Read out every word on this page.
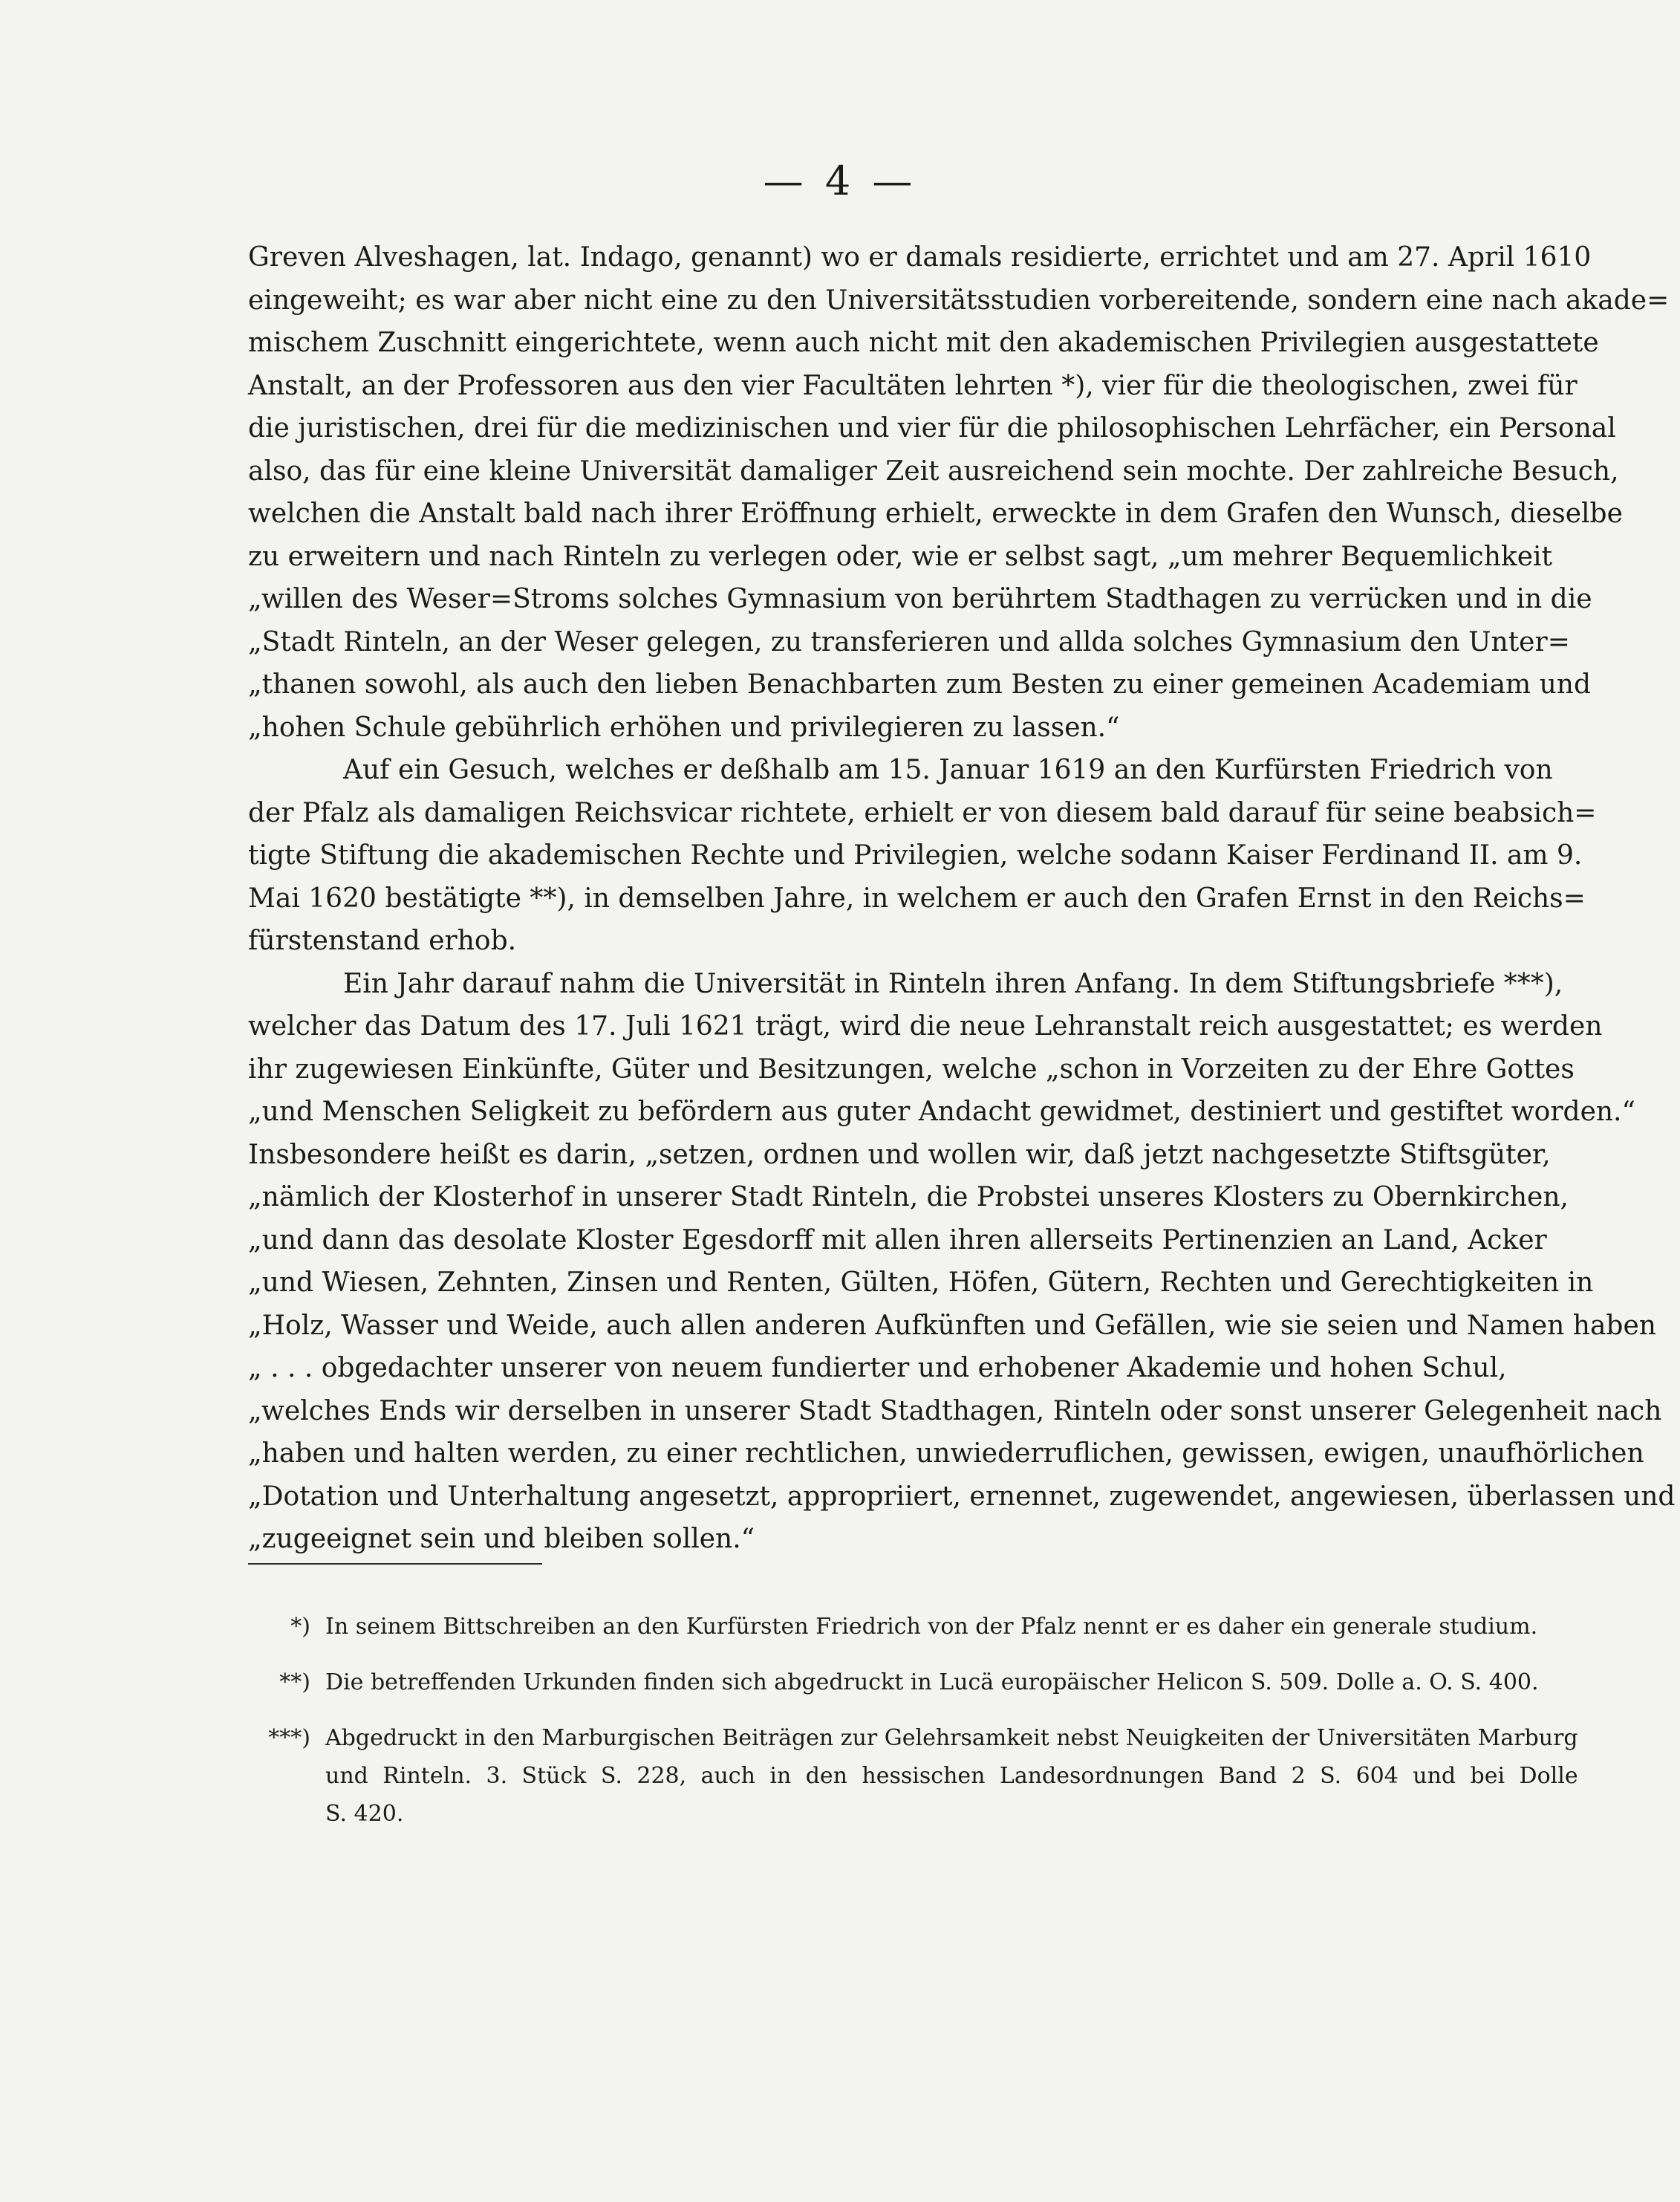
— 4 —
Greven Alveshagen, lat. Indago, genannt) wo er damals residierte, errichtet und am 27. April 1610
eingeweiht; es war aber nicht eine zu den Universitätsstudien vorbereitende, sondern eine nach akade=
mischem Zuschnitt eingerichtete, wenn auch nicht mit den akademischen Privilegien ausgestattete
Anstalt, an der Professoren aus den vier Facultäten lehrten *), vier für die theologischen, zwei für
die juristischen, drei für die medizinischen und vier für die philosophischen Lehrfächer, ein Personal
also, das für eine kleine Universität damaliger Zeit ausreichend sein mochte. Der zahlreiche Besuch,
welchen die Anstalt bald nach ihrer Eröffnung erhielt, erweckte in dem Grafen den Wunsch, dieselbe
zu erweitern und nach Rinteln zu verlegen oder, wie er selbst sagt, „um mehrer Bequemlichkeit
„willen des Weser=Stroms solches Gymnasium von berührtem Stadthagen zu verrücken und in die
„Stadt Rinteln, an der Weser gelegen, zu transferieren und allda solches Gymnasium den Unter=
„thanen sowohl, als auch den lieben Benachbarten zum Besten zu einer gemeinen Academiam und
„hohen Schule gebührlich erhöhen und privilegieren zu lassen.“
Auf ein Gesuch, welches er deßhalb am 15. Januar 1619 an den Kurfürsten Friedrich von
der Pfalz als damaligen Reichsvicar richtete, erhielt er von diesem bald darauf für seine beabsich=
tigte Stiftung die akademischen Rechte und Privilegien, welche sodann Kaiser Ferdinand II. am 9.
Mai 1620 bestätigte **), in demselben Jahre, in welchem er auch den Grafen Ernst in den Reichs=
fürstenstand erhob.
Ein Jahr darauf nahm die Universität in Rinteln ihren Anfang. In dem Stiftungsbriefe ***),
welcher das Datum des 17. Juli 1621 trägt, wird die neue Lehranstalt reich ausgestattet; es werden
ihr zugewiesen Einkünfte, Güter und Besitzungen, welche „schon in Vorzeiten zu der Ehre Gottes
„und Menschen Seligkeit zu befördern aus guter Andacht gewidmet, destiniert und gestiftet worden.“
Insbesondere heißt es darin, „setzen, ordnen und wollen wir, daß jetzt nachgesetzte Stiftsgüter,
„nämlich der Klosterhof in unserer Stadt Rinteln, die Probstei unseres Klosters zu Obernkirchen,
„und dann das desolate Kloster Egesdorff mit allen ihren allerseits Pertinenzien an Land, Acker
„und Wiesen, Zehnten, Zinsen und Renten, Gülten, Höfen, Gütern, Rechten und Gerechtigkeiten in
„Holz, Wasser und Weide, auch allen anderen Aufkünften und Gefällen, wie sie seien und Namen haben
„ . . . obgedachter unserer von neuem fundierter und erhobener Akademie und hohen Schul,
„welches Ends wir derselben in unserer Stadt Stadthagen, Rinteln oder sonst unserer Gelegenheit nach
„haben und halten werden, zu einer rechtlichen, unwiederruflichen, gewissen, ewigen, unaufhörlichen
„Dotation und Unterhaltung angesetzt, appropriiert, ernennet, zugewendet, angewiesen, überlassen und
„zugeeignet sein und bleiben sollen.“
*) In seinem Bittschreiben an den Kurfürsten Friedrich von der Pfalz nennt er es daher ein generale studium.
**) Die betreffenden Urkunden finden sich abgedruckt in Lucä europäischer Helicon S. 509. Dolle a. O. S. 400.
***) Abgedruckt in den Marburgischen Beiträgen zur Gelehrsamkeit nebst Neuigkeiten der Universitäten Marburg
und Rinteln. 3. Stück S. 228, auch in den hessischen Landesordnungen Band 2 S. 604 und bei Dolle
S. 420.
